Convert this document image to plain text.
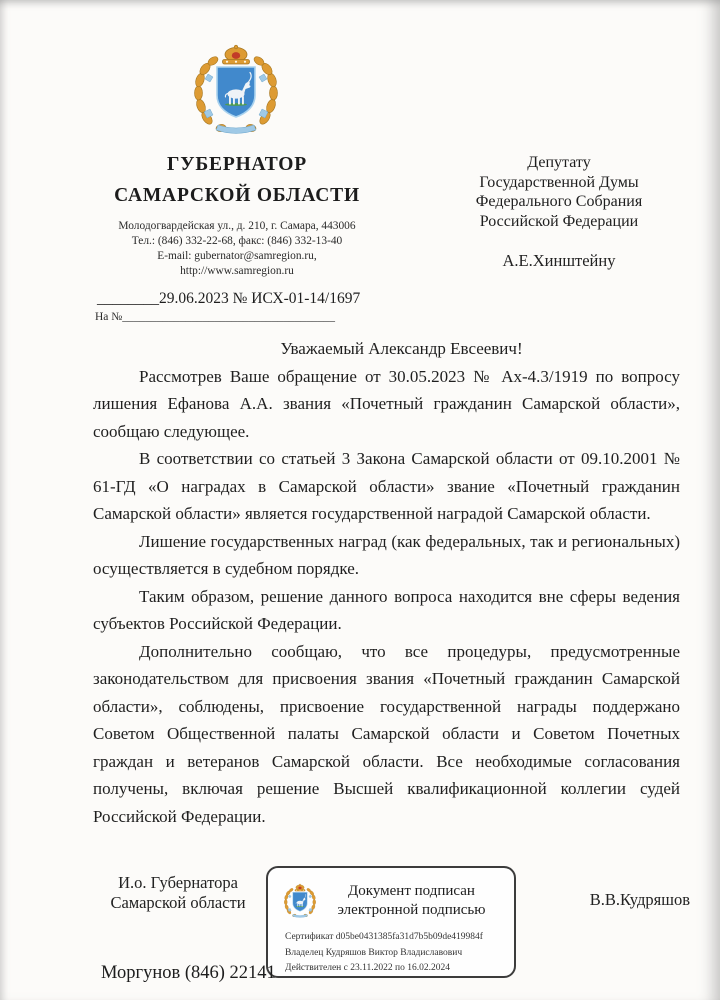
ГУБЕРНАТОР
САМАРСКОЙ ОБЛАСТИ
Молодогвардейская ул., д. 210, г. Самара, 443006
Тел.: (846) 332-22-68, факс: (846) 332-13-40
E-mail: gubernator@samregion.ru,
http://www.samregion.ru
Депутату
Государственной Думы
Федерального Собрания
Российской Федерации
А.Е.Хинштейну
________29.06.2023 № ИСХ-01-14/1697
На №_____________________________________

Уважаемый Александр Евсеевич!

Рассмотрев Ваше обращение от 30.05.2023 № Ах-4.3/1919 по вопросу лишения Ефанова А.А. звания «Почетный гражданин Самарской области», сообщаю следующее.

В соответствии со статьей 3 Закона Самарской области от 09.10.2001 № 61-ГД «О наградах в Самарской области» звание «Почетный гражданин Самарской области» является государственной наградой Самарской области.

Лишение государственных наград (как федеральных, так и региональных) осуществляется в судебном порядке.

Таким образом, решение данного вопроса находится вне сферы ведения субъектов Российской Федерации.

Дополнительно сообщаю, что все процедуры, предусмотренные законодательством для присвоения звания «Почетный гражданин Самарской области», соблюдены, присвоение государственной награды поддержано Советом Общественной палаты Самарской области и Советом Почетных граждан и ветеранов Самарской области. Все необходимые согласования получены, включая решение Высшей квалификационной коллегии судей Российской Федерации.

И.о. Губернатора
Самарской области
Документ подписан
электронной подписью
Сертификат d05be0431385fa31d7b5b09de419984f
Владелец Кудряшов Виктор Владиславович
Действителен с 23.11.2022 по 16.02.2024
В.В.Кудряшов
Моргунов (846) 22141
